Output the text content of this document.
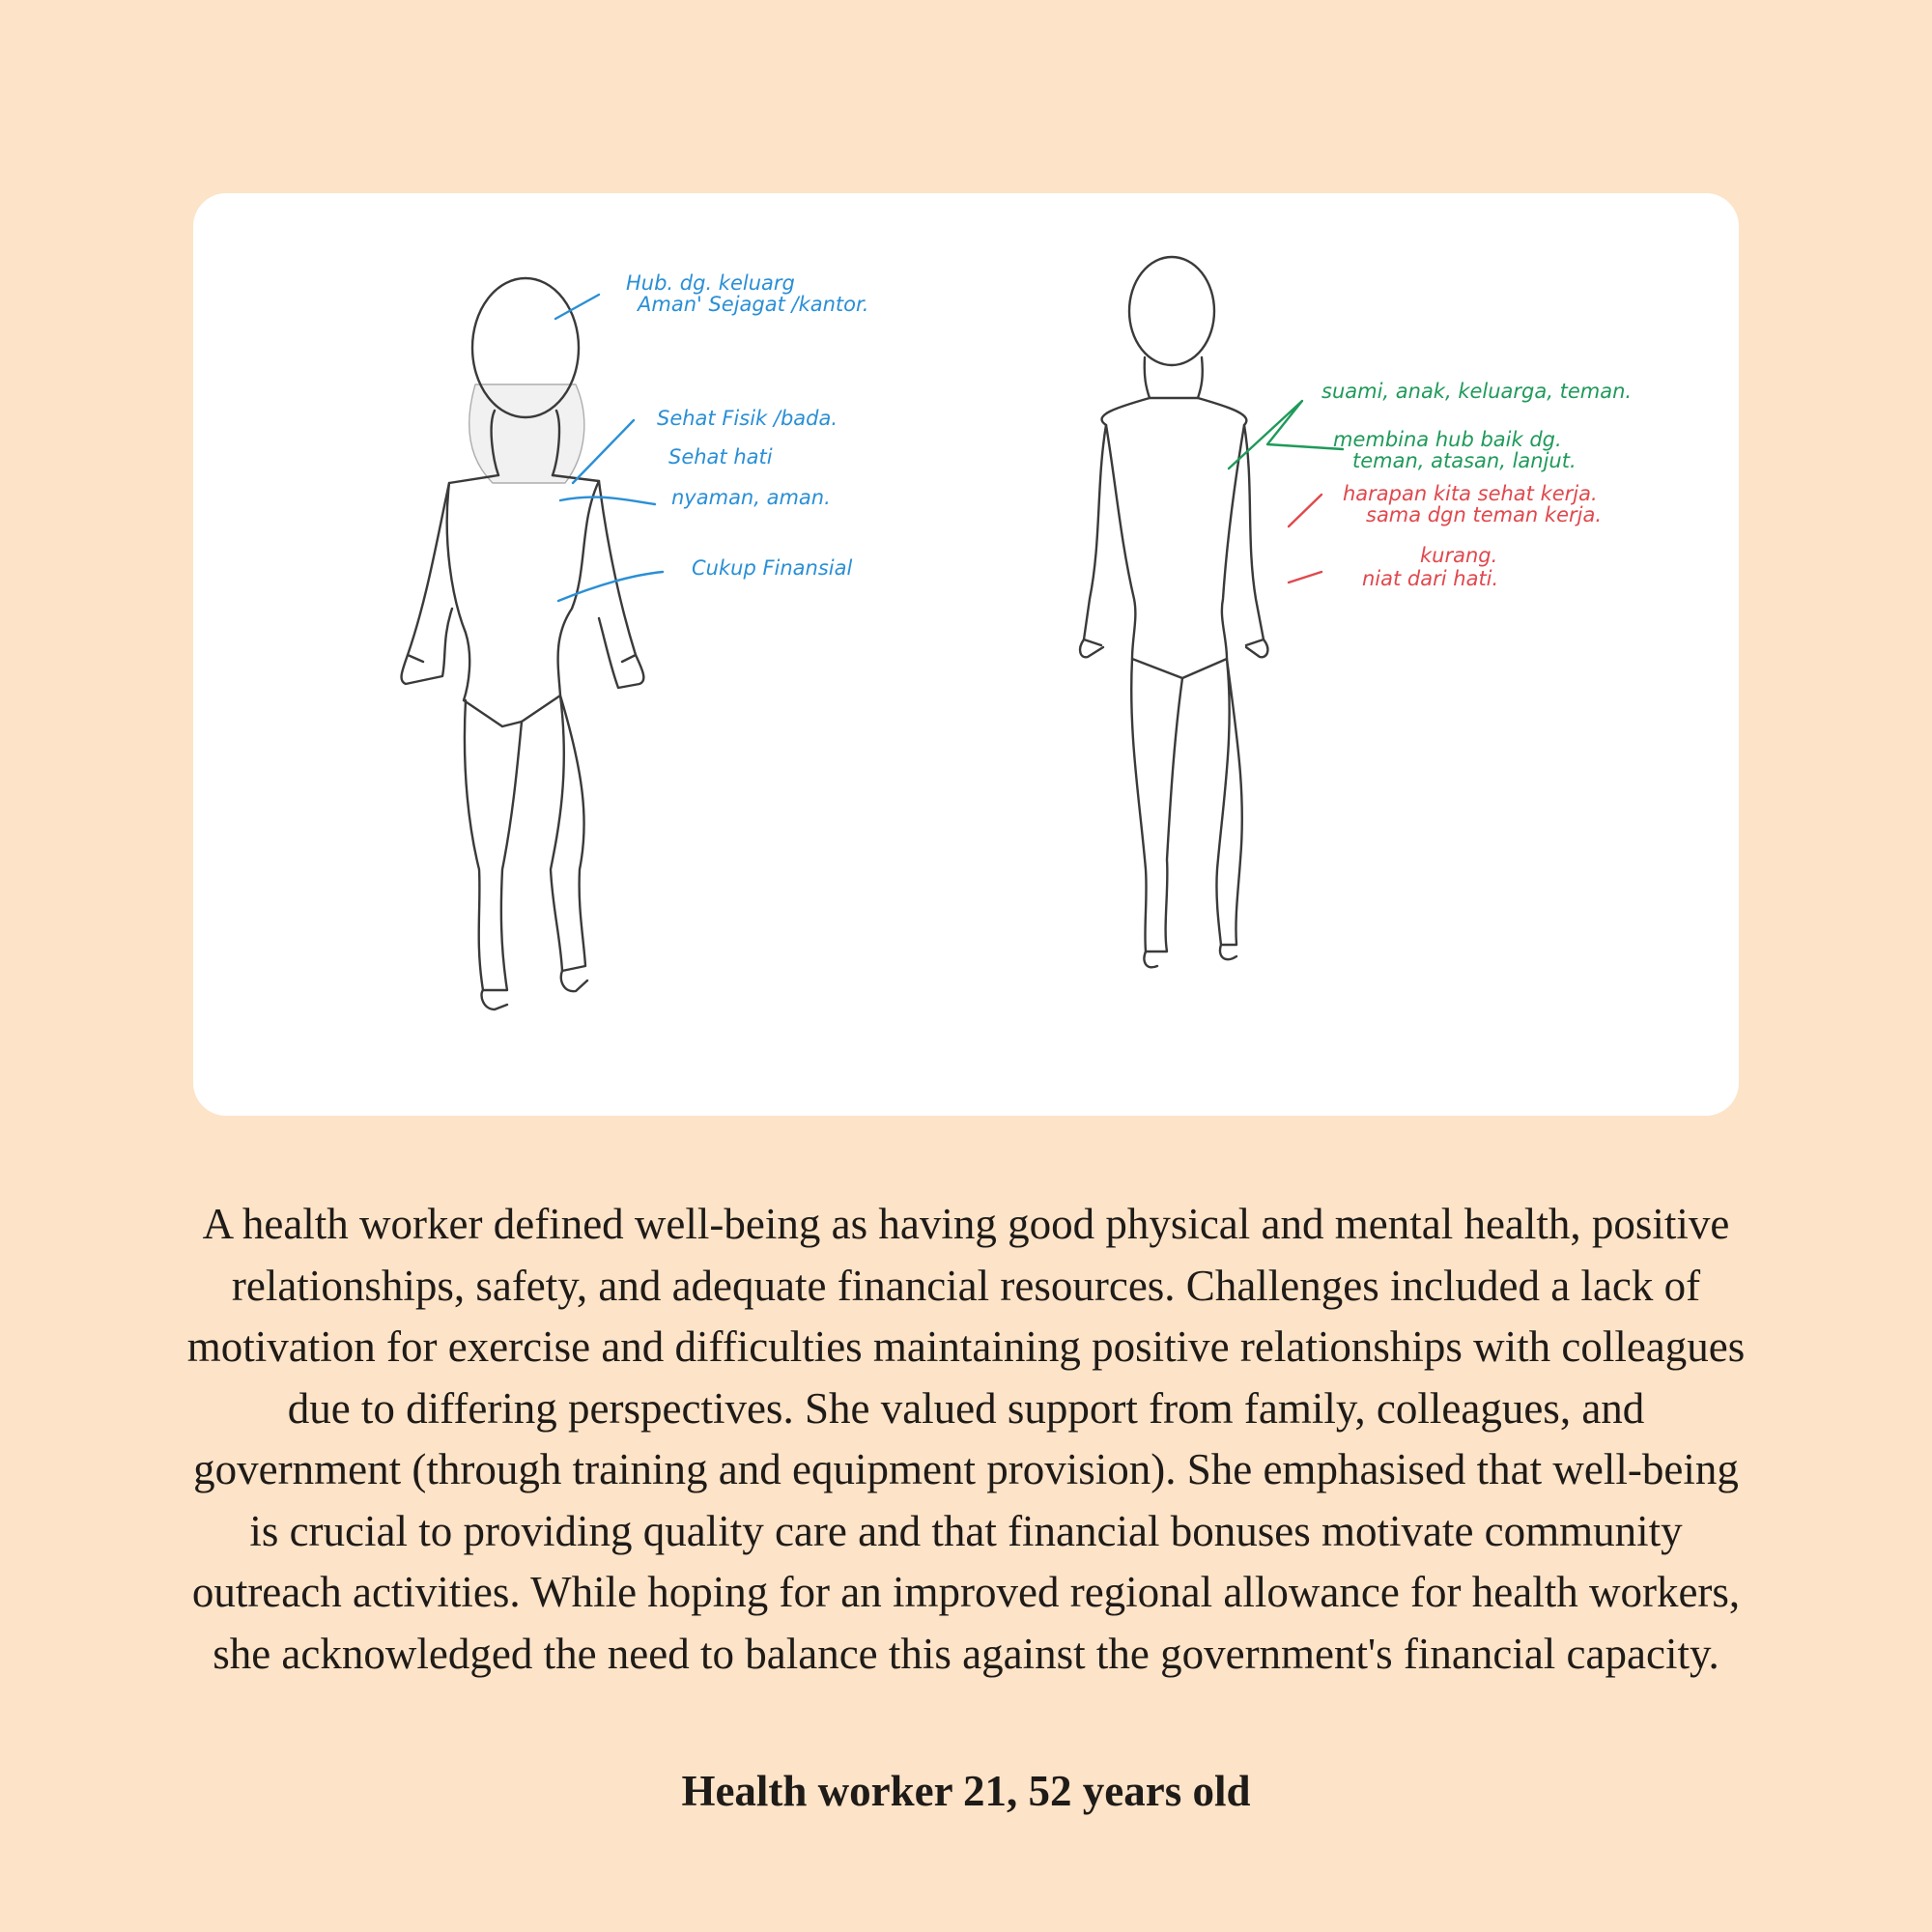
Hub. dg. keluarg
Aman' Sejagat /kantor.
Sehat Fisik /bada.
Sehat hati
nyaman, aman.
Cukup Finansial
suami, anak, keluarga, teman.
membina hub baik dg.
teman, atasan, lanjut.
harapan kita sehat kerja.
sama dgn teman kerja.
kurang.
niat dari hati.

A health worker defined well-being as having good physical and mental health, positive relationships, safety, and adequate financial resources. Challenges included a lack of motivation for exercise and difficulties maintaining positive relationships with colleagues due to differing perspectives. She valued support from family, colleagues, and government (through training and equipment provision). She emphasised that well-being is crucial to providing quality care and that financial bonuses motivate community outreach activities. While hoping for an improved regional allowance for health workers, she acknowledged the need to balance this against the government's financial capacity.

Health worker 21, 52 years old
